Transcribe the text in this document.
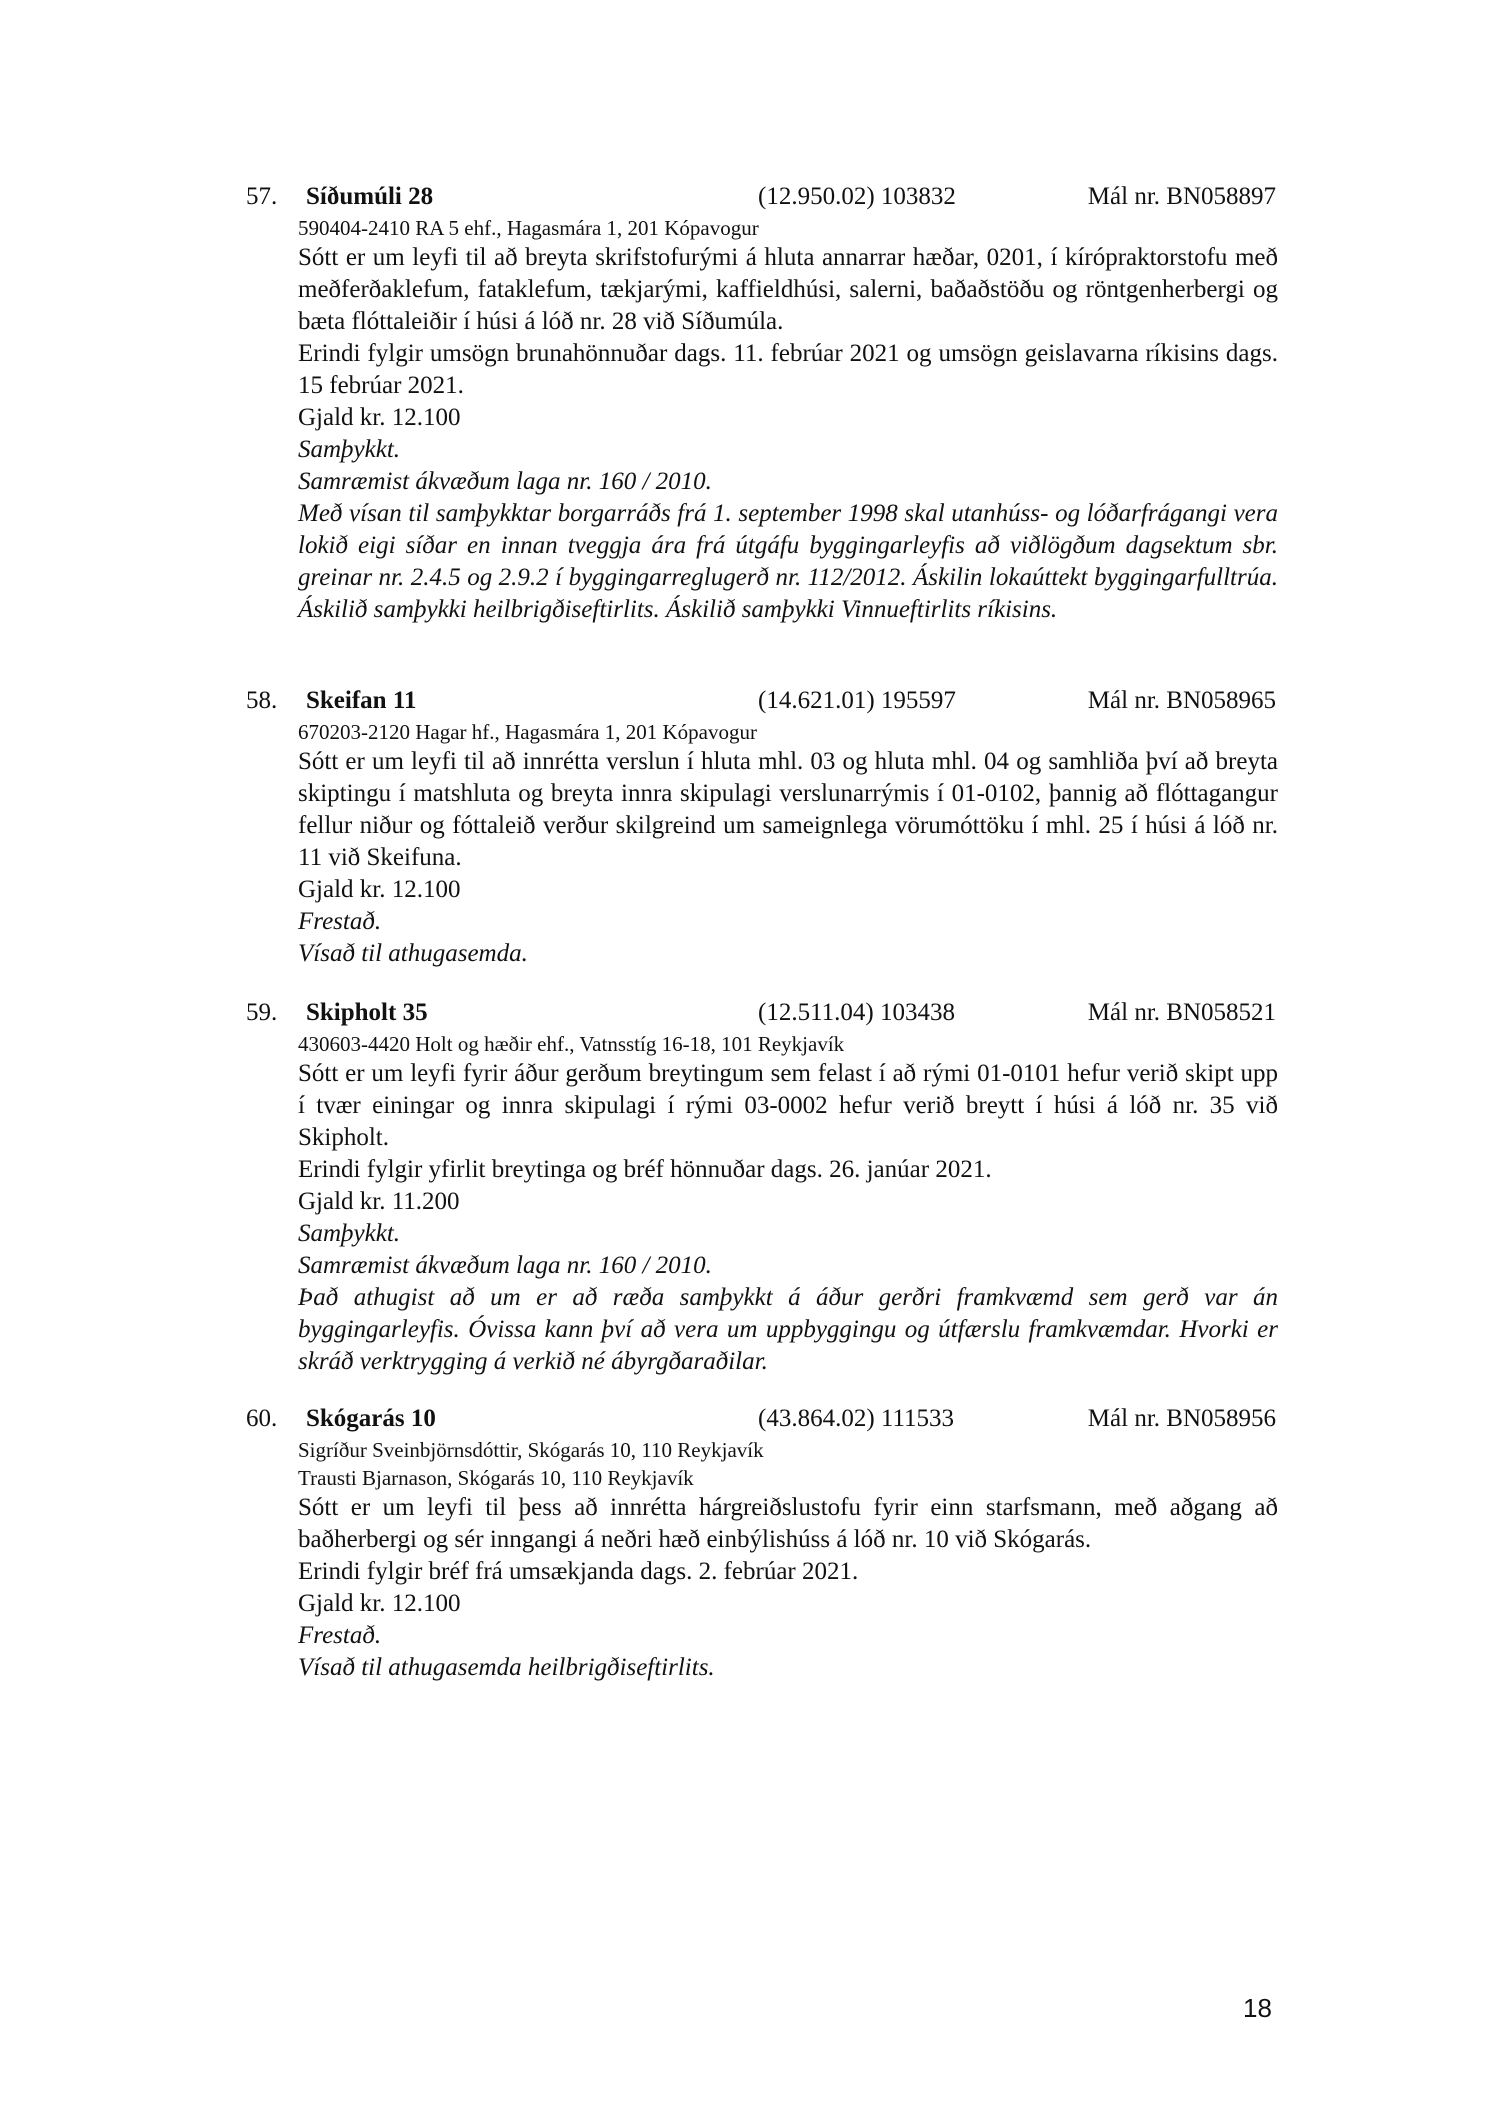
57. Síðumúli 28	(12.950.02) 103832	Mál nr. BN058897
590404-2410 RA 5 ehf., Hagasmára 1, 201 Kópavogur
Sótt er um leyfi til að breyta skrifstofurými á hluta annarrar hæðar, 0201, í kírópraktorstofu með meðferðaklefum, fataklefum, tækjarými, kaffieldhúsi, salerni, baðaðstöðu og röntgenherbergi og bæta flóttaleiðir í húsi á lóð nr. 28 við Síðumúla.
Erindi fylgir umsögn brunahönnuðar dags. 11. febrúar 2021 og umsögn geislavarna ríkisins dags. 15 febrúar 2021.
Gjald kr. 12.100
Samþykkt.
Samræmist ákvæðum laga nr. 160 / 2010.
Með vísan til samþykktar borgarráðs frá 1. september 1998 skal utanhúss- og lóðarfrágangi vera lokið eigi síðar en innan tveggja ára frá útgáfu byggingarleyfis að viðlögðum dagsektum sbr. greinar nr. 2.4.5 og 2.9.2 í byggingarreglugerð nr. 112/2012. Áskilin lokaúttekt byggingarfulltrúa. Áskilið samþykki heilbrigðiseftirlits. Áskilið samþykki Vinnueftirlits ríkisins.
58. Skeifan 11	(14.621.01) 195597	Mál nr. BN058965
670203-2120 Hagar hf., Hagasmára 1, 201 Kópavogur
Sótt er um leyfi til að innrétta verslun í hluta mhl. 03 og hluta mhl. 04 og samhliða því að breyta skiptingu í matshluta og breyta innra skipulagi verslunarrýmis í 01-0102, þannig að flóttagangur fellur niður og fóttaleið verður skilgreind um sameignlega vörumóttöku í mhl. 25 í húsi á lóð nr. 11 við Skeifuna.
Gjald kr. 12.100
Frestað.
Vísað til athugasemda.
59. Skipholt 35	(12.511.04) 103438	Mál nr. BN058521
430603-4420 Holt og hæðir ehf., Vatnsstíg 16-18, 101 Reykjavík
Sótt er um leyfi fyrir áður gerðum breytingum sem felast í að rými 01-0101 hefur verið skipt upp í tvær einingar og innra skipulagi í rými 03-0002 hefur verið breytt í húsi á lóð nr. 35 við Skipholt.
Erindi fylgir yfirlit breytinga og bréf hönnuðar dags. 26. janúar 2021.
Gjald kr. 11.200
Samþykkt.
Samræmist ákvæðum laga nr. 160 / 2010.
Það athugist að um er að ræða samþykkt á áður gerðri framkvæmd sem gerð var án byggingarleyfis. Óvissa kann því að vera um uppbyggingu og útfærslu framkvæmdar. Hvorki er skráð verktrygging á verkið né ábyrgðaraðilar.
60. Skógarás 10	(43.864.02) 111533	Mál nr. BN058956
Sigríður Sveinbjörnsdóttir, Skógarás 10, 110 Reykjavík
Trausti Bjarnason, Skógarás 10, 110 Reykjavík
Sótt er um leyfi til þess að innrétta hárgreiðslustofu fyrir einn starfsmann, með aðgang að baðherbergi og sér inngangi á neðri hæð einbýlishúss á lóð nr. 10 við Skógarás.
Erindi fylgir bréf frá umsækjanda dags. 2. febrúar 2021.
Gjald kr. 12.100
Frestað.
Vísað til athugasemda heilbrigðiseftirlits.
18
